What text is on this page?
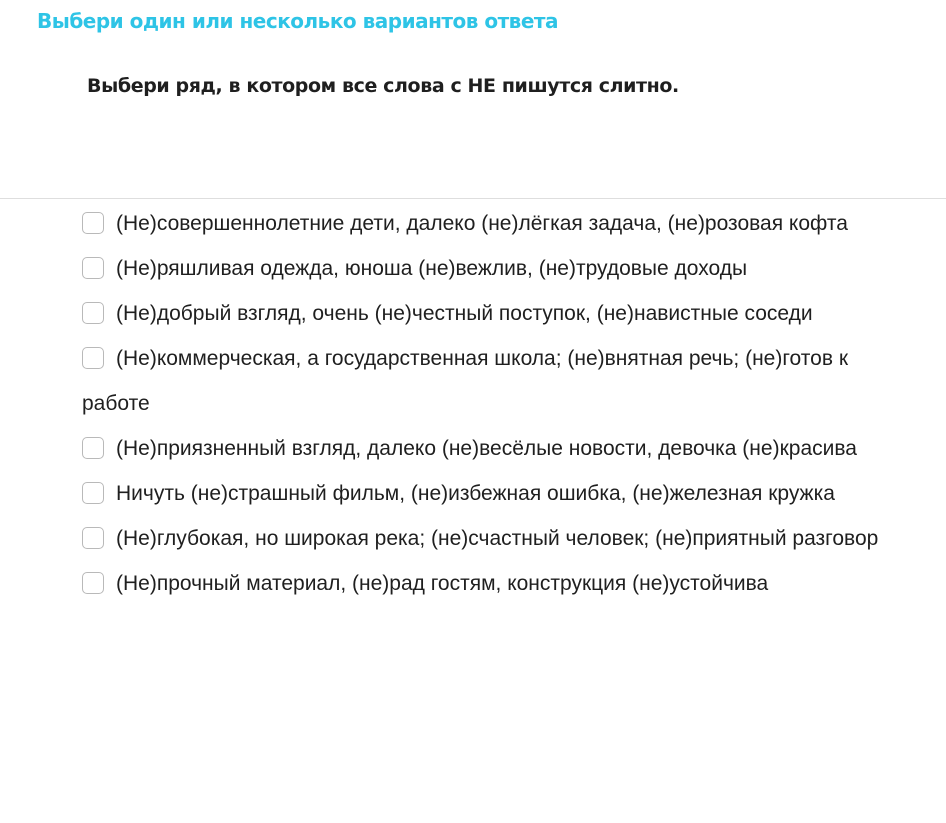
Выбери один или несколько вариантов ответа
Выбери ряд, в котором все слова с НЕ пишутся слитно.
(Не)совершеннолетние дети, далеко (не)лёгкая задача, (не)розовая кофта
(Не)ряшливая одежда, юноша (не)вежлив, (не)трудовые доходы
(Не)добрый взгляд, очень (не)честный поступок, (не)навистные соседи
(Не)коммерческая, а государственная школа; (не)внятная речь; (не)готов к работе
(Не)приязненный взгляд, далеко (не)весёлые новости, девочка (не)красива
Ничуть (не)страшный фильм, (не)избежная ошибка, (не)железная кружка
(Не)глубокая, но широкая река; (не)счастный человек; (не)приятный разговор
(Не)прочный материал, (не)рад гостям, конструкция (не)устойчива
